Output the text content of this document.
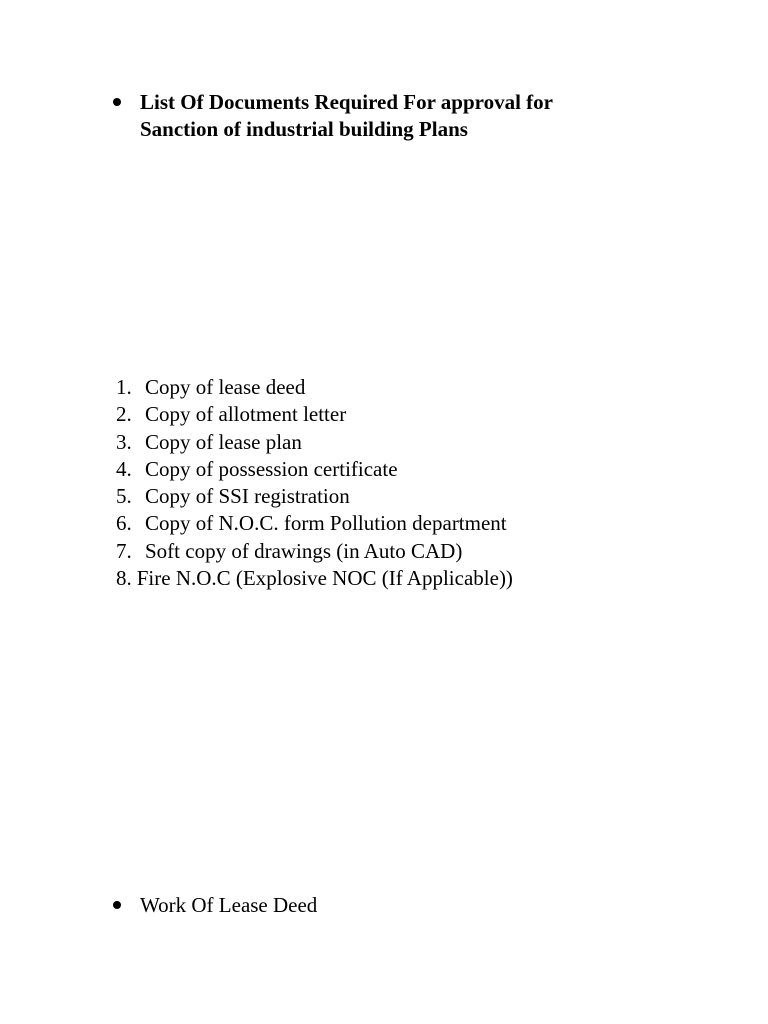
List Of Documents Required For approval for
Sanction of industrial building Plans
1. Copy of lease deed
2. Copy of allotment letter
3. Copy of lease plan
4. Copy of possession certificate
5. Copy of SSI registration
6. Copy of N.O.C. form Pollution department
7. Soft copy of drawings (in Auto CAD)
8. Fire N.O.C (Explosive NOC (If Applicable))
Work Of Lease Deed
